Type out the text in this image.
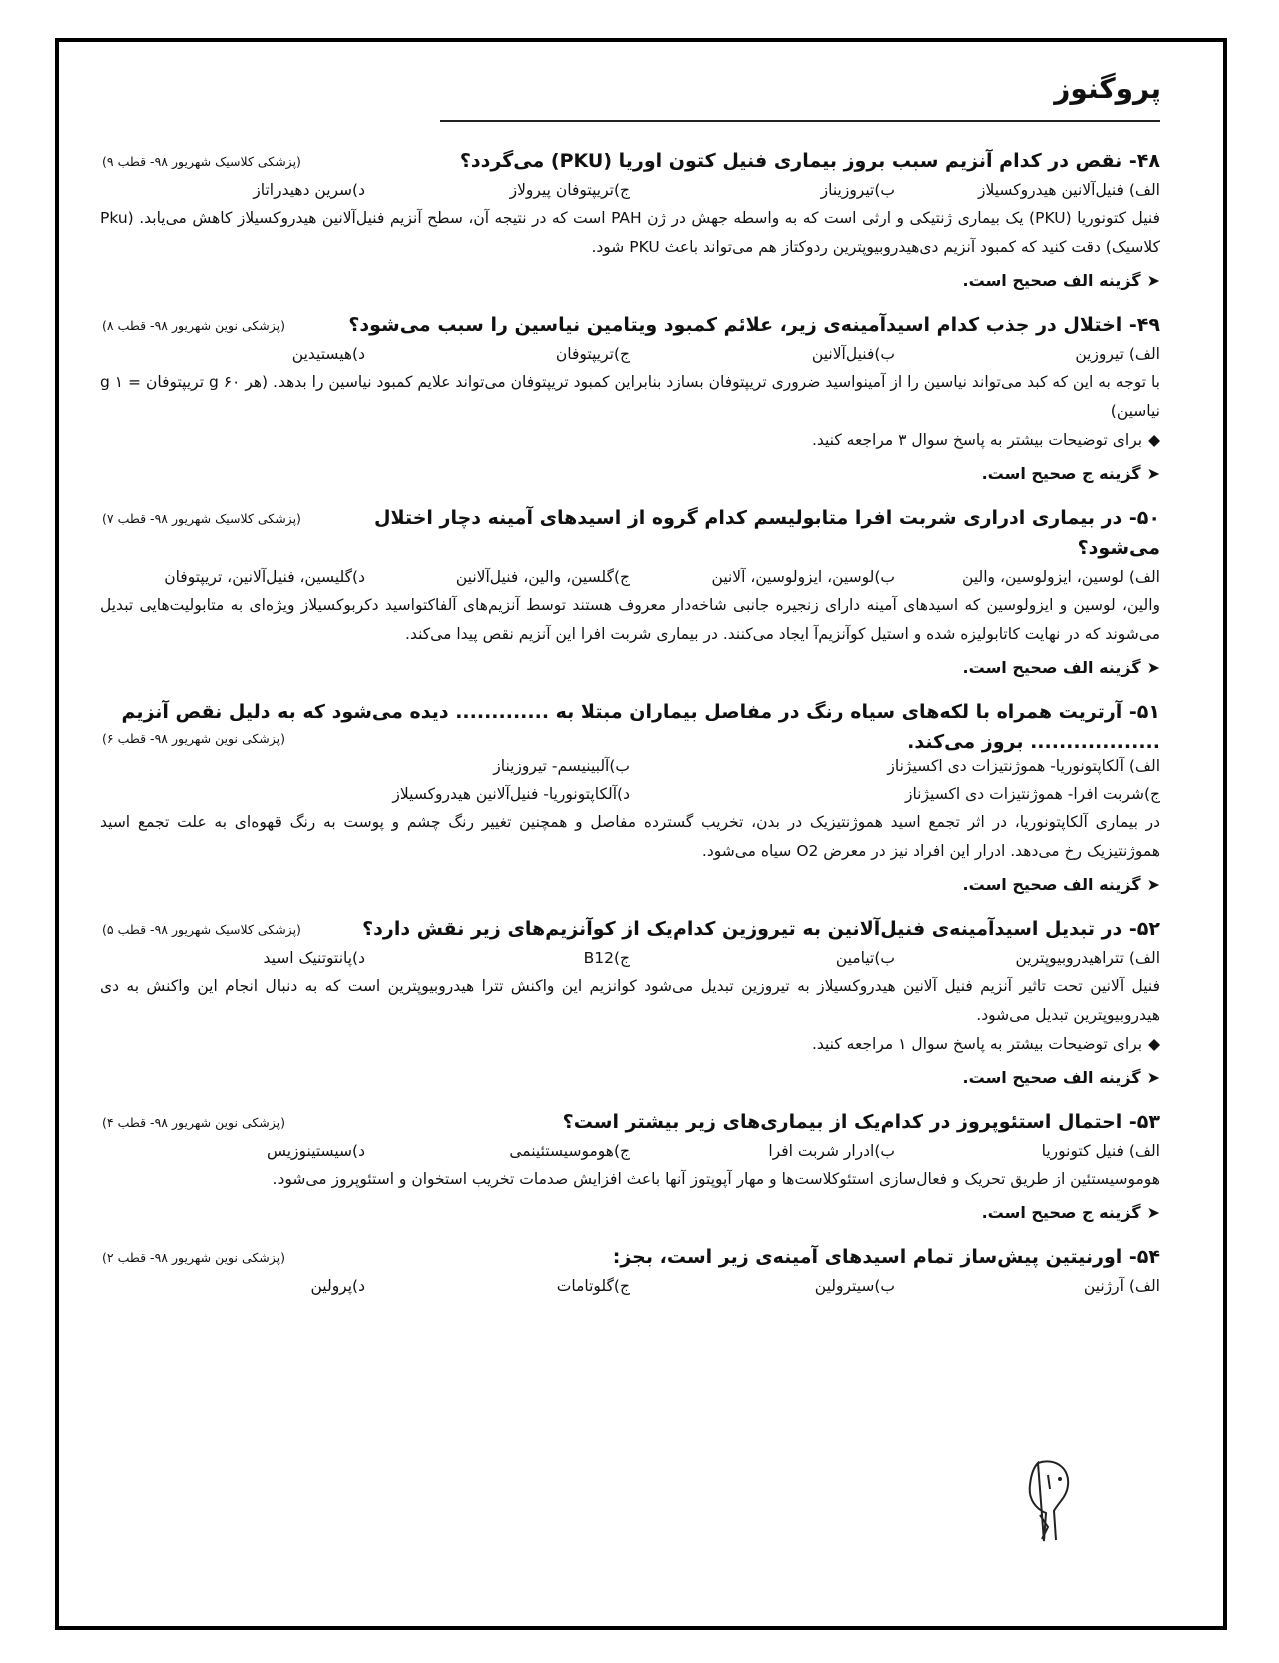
پروگنوز
۴۸- نقص در کدام آنزیم سبب بروز بیماری فنیل کتون اوریا (PKU) می‌گردد؟
(پزشکی کلاسیک شهریور ۹۸- قطب ۹)
الف) فنیل‌آلانین هیدروکسیلاز
ب)تیروزیناز
ج)تریپتوفان پیرولاز
د)سرین دهیدراتاز
فنیل کتونوریا (PKU) یک بیماری ژنتیکی و ارثی است که به واسطه جهش در ژن PAH است که در نتیجه آن، سطح آنزیم فنیل‌آلانین هیدروکسیلاز کاهش می‌یابد. (Pku کلاسیک) دقت کنید که کمبود آنزیم دی‌هیدروبیوپترین ردوکتاز هم می‌تواند باعث PKU شود.
➤گزینه الف صحیح است.
۴۹- اختلال در جذب کدام اسیدآمینه‌ی زیر، علائم کمبود ویتامین نیاسین را سبب می‌شود؟
(پزشکی نوین شهریور ۹۸- قطب ۸)
الف) تیروزین
ب)فنیل‌آلانین
ج)تریپتوفان
د)هیستیدین
با توجه به این که کبد می‌تواند نیاسین را از آمینواسید ضروری تریپتوفان بسازد بنابراین کمبود تریپتوفان می‌تواند علایم کمبود نیاسین را بدهد. (هر ۶۰ g تریپتوفان = ۱ g نیاسین)
◆برای توضیحات بیشتر به پاسخ سوال ۳ مراجعه کنید.
➤گزینه ج صحیح است.
۵۰- در بیماری ادراری شربت افرا متابولیسم کدام گروه از اسیدهای آمینه دچار اختلال می‌شود؟
(پزشکی کلاسیک شهریور ۹۸- قطب ۷)
الف) لوسین، ایزولوسین، والین
ب)لوسین، ایزولوسین، آلانین
ج)گلسین، والین، فنیل‌آلانین
د)گلیسین، فنیل‌آلانین، تریپتوفان
والین، لوسین و ایزولوسین که اسیدهای آمینه دارای زنجیره جانبی شاخه‌دار معروف هستند توسط آنزیم‌های آلفاکتواسید دکربوکسیلاز ویژه‌ای به متابولیت‌هایی تبدیل می‌شوند که در نهایت کاتابولیزه شده و استیل کوآنزیم‌آ ایجاد می‌کنند. در بیماری شربت افرا این آنزیم نقص پیدا می‌کند.
➤گزینه الف صحیح است.
۵۱- آرتریت همراه با لکه‌های سیاه رنگ در مفاصل بیماران مبتلا به ............. دیده می‌شود که به دلیل نقص آنزیم .................. بروز می‌کند.
(پزشکی نوین شهریور ۹۸- قطب ۶)
الف) آلکاپتونوریا- هموژنتیزات دی اکسیژناز
ب)آلبینیسم- تیروزیناز
ج)شربت افرا- هموژنتیزات دی اکسیژناز
د)آلکاپتونوریا- فنیل‌آلانین هیدروکسیلاز
در بیماری آلکاپتونوریا، در اثر تجمع اسید هموژنتیزیک در بدن، تخریب گسترده مفاصل و همچنین تغییر رنگ چشم و پوست به رنگ قهوه‌ای به علت تجمع اسید هموژنتیزیک رخ می‌دهد. ادرار این افراد نیز در معرض O2 سیاه می‌شود.
➤گزینه الف صحیح است.
۵۲- در تبدیل اسیدآمینه‌ی فنیل‌آلانین به تیروزین کدام‌یک از کوآنزیم‌های زیر نقش دارد؟
(پزشکی کلاسیک شهریور ۹۸- قطب ۵)
الف) تتراهیدروبیوپترین
ب)تیامین
ج)B12
د)پانتوتنیک اسید
فنیل آلانین تحت تاثیر آنزیم فنیل آلانین هیدروکسیلاز به تیروزین تبدیل می‌شود کوانزیم این واکنش تترا هیدروبیوپترین است که به دنبال انجام این واکنش به دی هیدروبیوپترین تبدیل می‌شود.
◆برای توضیحات بیشتر به پاسخ سوال ۱ مراجعه کنید.
➤گزینه الف صحیح است.
۵۳- احتمال استئوپروز در کدام‌یک از بیماری‌های زیر بیشتر است؟
(پزشکی نوین شهریور ۹۸- قطب ۴)
الف) فنیل کتونوریا
ب)ادرار شربت افرا
ج)هوموسیستئینمی
د)سیستینوزیس
هوموسیستئین از طریق تحریک و فعال‌سازی استئوکلاست‌ها و مهار آپوپتوز آنها باعث افزایش صدمات تخریب استخوان و استئوپروز می‌شود.
➤گزینه ج صحیح است.
۵۴- اورنیتین پیش‌ساز تمام اسیدهای آمینه‌ی زیر است، بجز:
(پزشکی نوین شهریور ۹۸- قطب ۲)
الف) آرژنین
ب)سیترولین
ج)گلوتامات
د)پرولین
